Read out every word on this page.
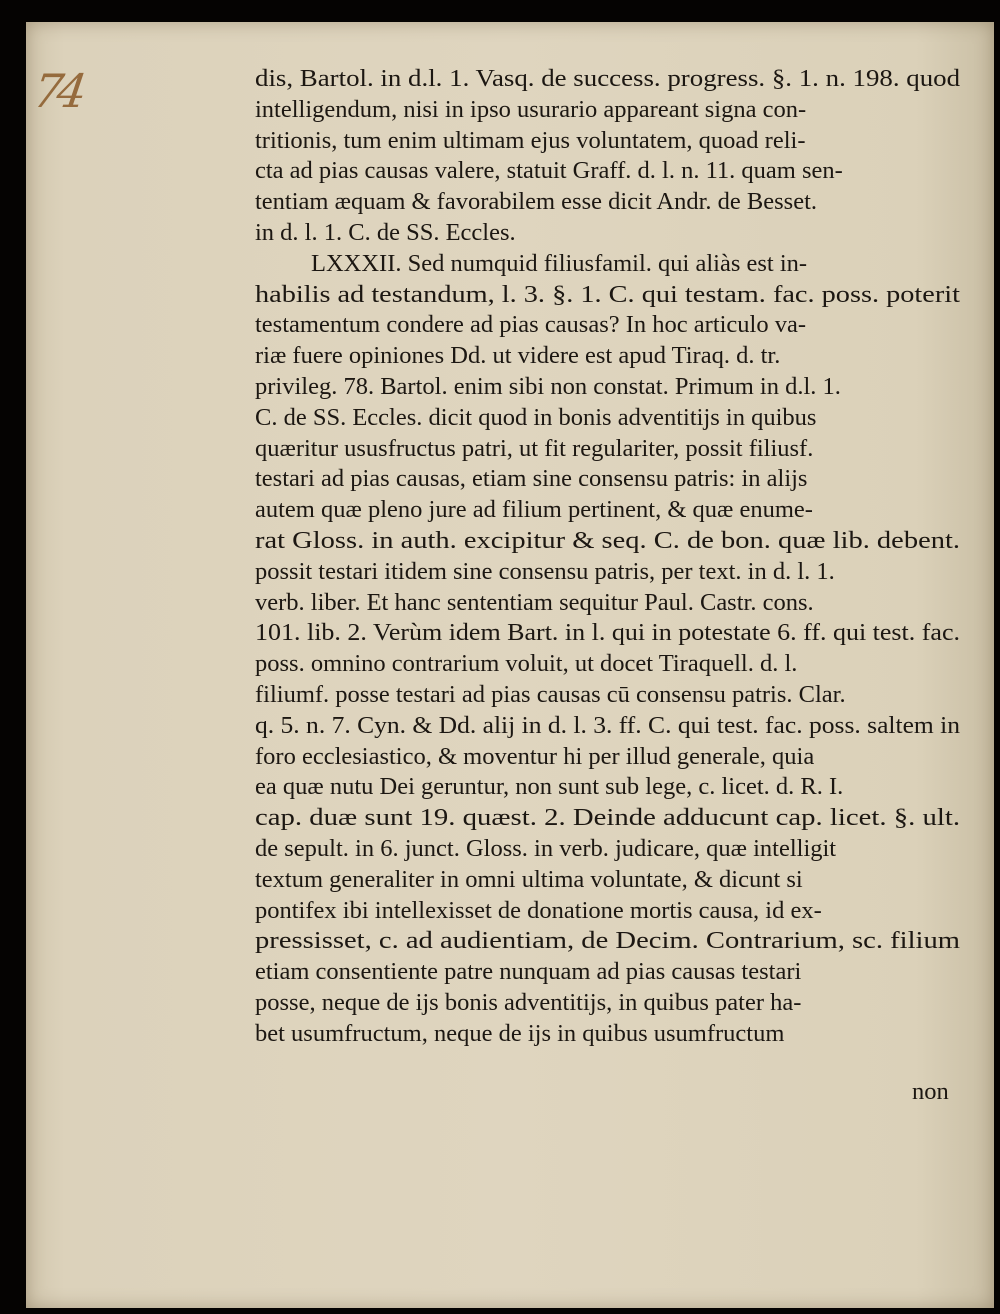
74	dis, Bartol. in d.l. 1. Vasq. de success. progress. §. 1. n. 198. quod
intelligendum, nisi in ipso usurario appareant signa con-
tritionis, tum enim ultimam ejus voluntatem, quoad reli-
cta ad pias causas valere, statuit Graff. d. l. n. 11. quam sen-
tentiam æquam & favorabilem esse dicit Andr. de Besset.
in d. l. 1. C. de SS. Eccles.
LXXXII. Sed numquid filiusfamil. qui aliàs est in-
habilis ad testandum, l. 3. §. 1. C. qui testam. fac. poss. poterit
testamentum condere ad pias causas? In hoc articulo va-
riæ fuere opiniones Dd. ut videre est apud Tiraq. d. tr.
privileg. 78. Bartol. enim sibi non constat. Primum in d.l. 1.
C. de SS. Eccles. dicit quod in bonis adventitijs in quibus
quæritur ususfructus patri, ut fit regulariter, possit filiusf.
testari ad pias causas, etiam sine consensu patris: in alijs
autem quæ pleno jure ad filium pertinent, & quæ enume-
rat Gloss. in auth. excipitur & seq. C. de bon. quæ lib. debent.
possit testari itidem sine consensu patris, per text. in d. l. 1.
verb. liber. Et hanc sententiam sequitur Paul. Castr. cons.
101. lib. 2. Verùm idem Bart. in l. qui in potestate 6. ff. qui test. fac.
poss. omnino contrarium voluit, ut docet Tiraquell. d. l.
filiumf. posse testari ad pias causas cū consensu patris. Clar.
q. 5. n. 7. Cyn. & Dd. alij in d. l. 3. ff. C. qui test. fac. poss. saltem in
foro ecclesiastico, & moventur hi per illud generale, quia
ea quæ nutu Dei geruntur, non sunt sub lege, c. licet. d. R. I.
cap. duæ sunt 19. quæst. 2. Deinde adducunt cap. licet. §. ult.
de sepult. in 6. junct. Gloss. in verb. judicare, quæ intelligit
textum generaliter in omni ultima voluntate, & dicunt si
pontifex ibi intellexisset de donatione mortis causa, id ex-
pressisset, c. ad audientiam, de Decim. Contrarium, sc. filium
etiam consentiente patre nunquam ad pias causas testari
posse, neque de ijs bonis adventitijs, in quibus pater ha-
bet usumfructum, neque de ijs in quibus usumfructum
non
